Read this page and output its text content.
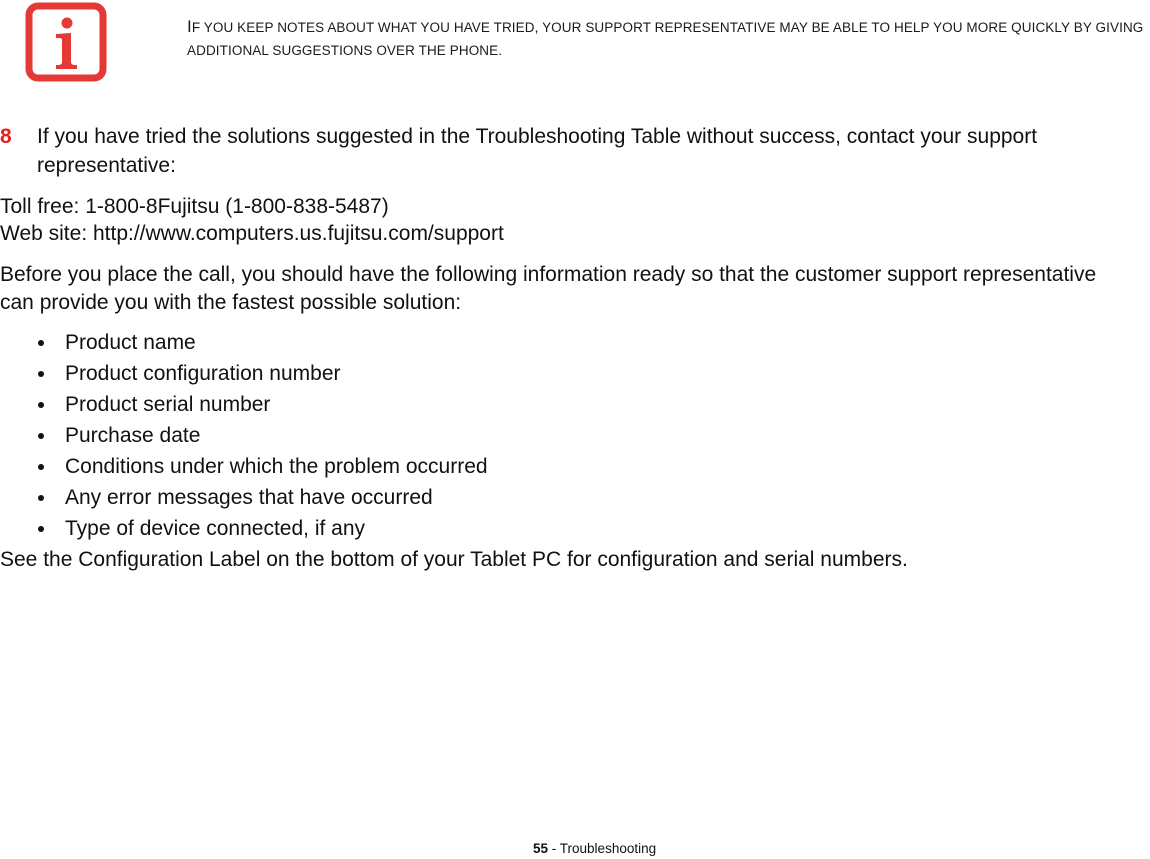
IF YOU KEEP NOTES ABOUT WHAT YOU HAVE TRIED, YOUR SUPPORT REPRESENTATIVE MAY BE ABLE TO HELP YOU MORE QUICKLY BY GIVING
ADDITIONAL SUGGESTIONS OVER THE PHONE.
8 If you have tried the solutions suggested in the Troubleshooting Table without success, contact your support representative:
Toll free: 1-800-8Fujitsu (1-800-838-5487)
Web site: http://www.computers.us.fujitsu.com/support
Before you place the call, you should have the following information ready so that the customer support representative can provide you with the fastest possible solution:
Product name
Product configuration number
Product serial number
Purchase date
Conditions under which the problem occurred
Any error messages that have occurred
Type of device connected, if any
See the Configuration Label on the bottom of your Tablet PC for configuration and serial numbers.
55 - Troubleshooting
